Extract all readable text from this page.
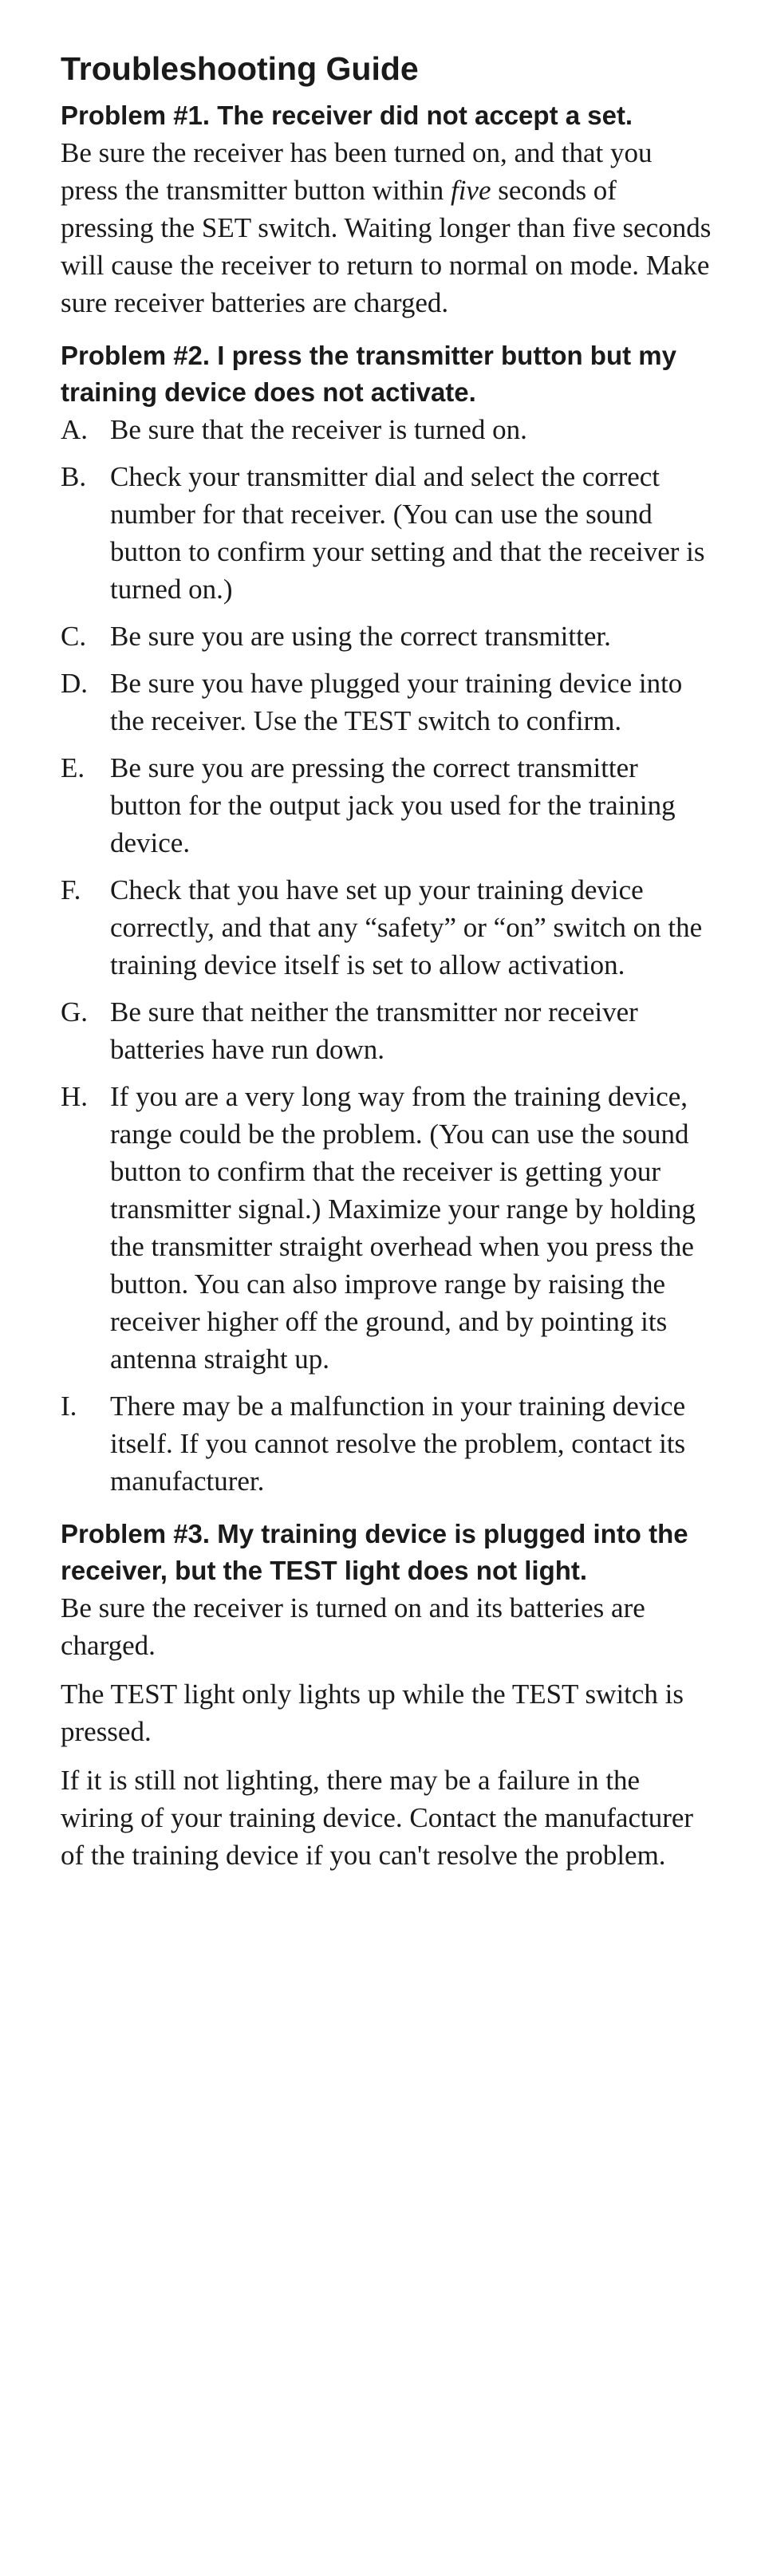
Troubleshooting Guide
Problem #1. The receiver did not accept a set.

Be sure the receiver has been turned on, and that you press the transmitter button within five seconds of pressing the SET switch. Waiting longer than five seconds will cause the receiver to return to normal on mode. Make sure receiver batteries are charged.

Problem #2. I press the transmitter button but my training device does not activate.
A. Be sure that the receiver is turned on.
B. Check your transmitter dial and select the correct number for that receiver. (You can use the sound button to confirm your setting and that the receiver is turned on.)
C. Be sure you are using the correct transmitter.
D. Be sure you have plugged your training device into the receiver. Use the TEST switch to confirm.
E. Be sure you are pressing the correct transmitter button for the output jack you used for the training device.
F.	Check that you have set up your training device correctly, and that any “safety” or “on” switch on the training device itself is set to allow activation.
G. Be sure that neither the transmitter nor receiver batteries have run down.
H. If you are a very long way from the training device, range could be the problem. (You can use the sound button to confirm that the receiver is getting your transmitter signal.) Maximize your range by holding the transmitter straight overhead when you press the button. You can also improve range by raising the receiver higher off the ground, and by pointing its antenna straight up.
I.	There may be a malfunction in your training device itself. If you cannot resolve the problem, contact its manufacturer.
Problem #3. My training device is plugged into the receiver, but the TEST light does not light.

Be sure the receiver is turned on and its batteries are charged.

The TEST light only lights up while the TEST switch is pressed.

If it is still not lighting, there may be a failure in the wiring of your training device. Contact the manufacturer of the training device if you can't resolve the problem.
